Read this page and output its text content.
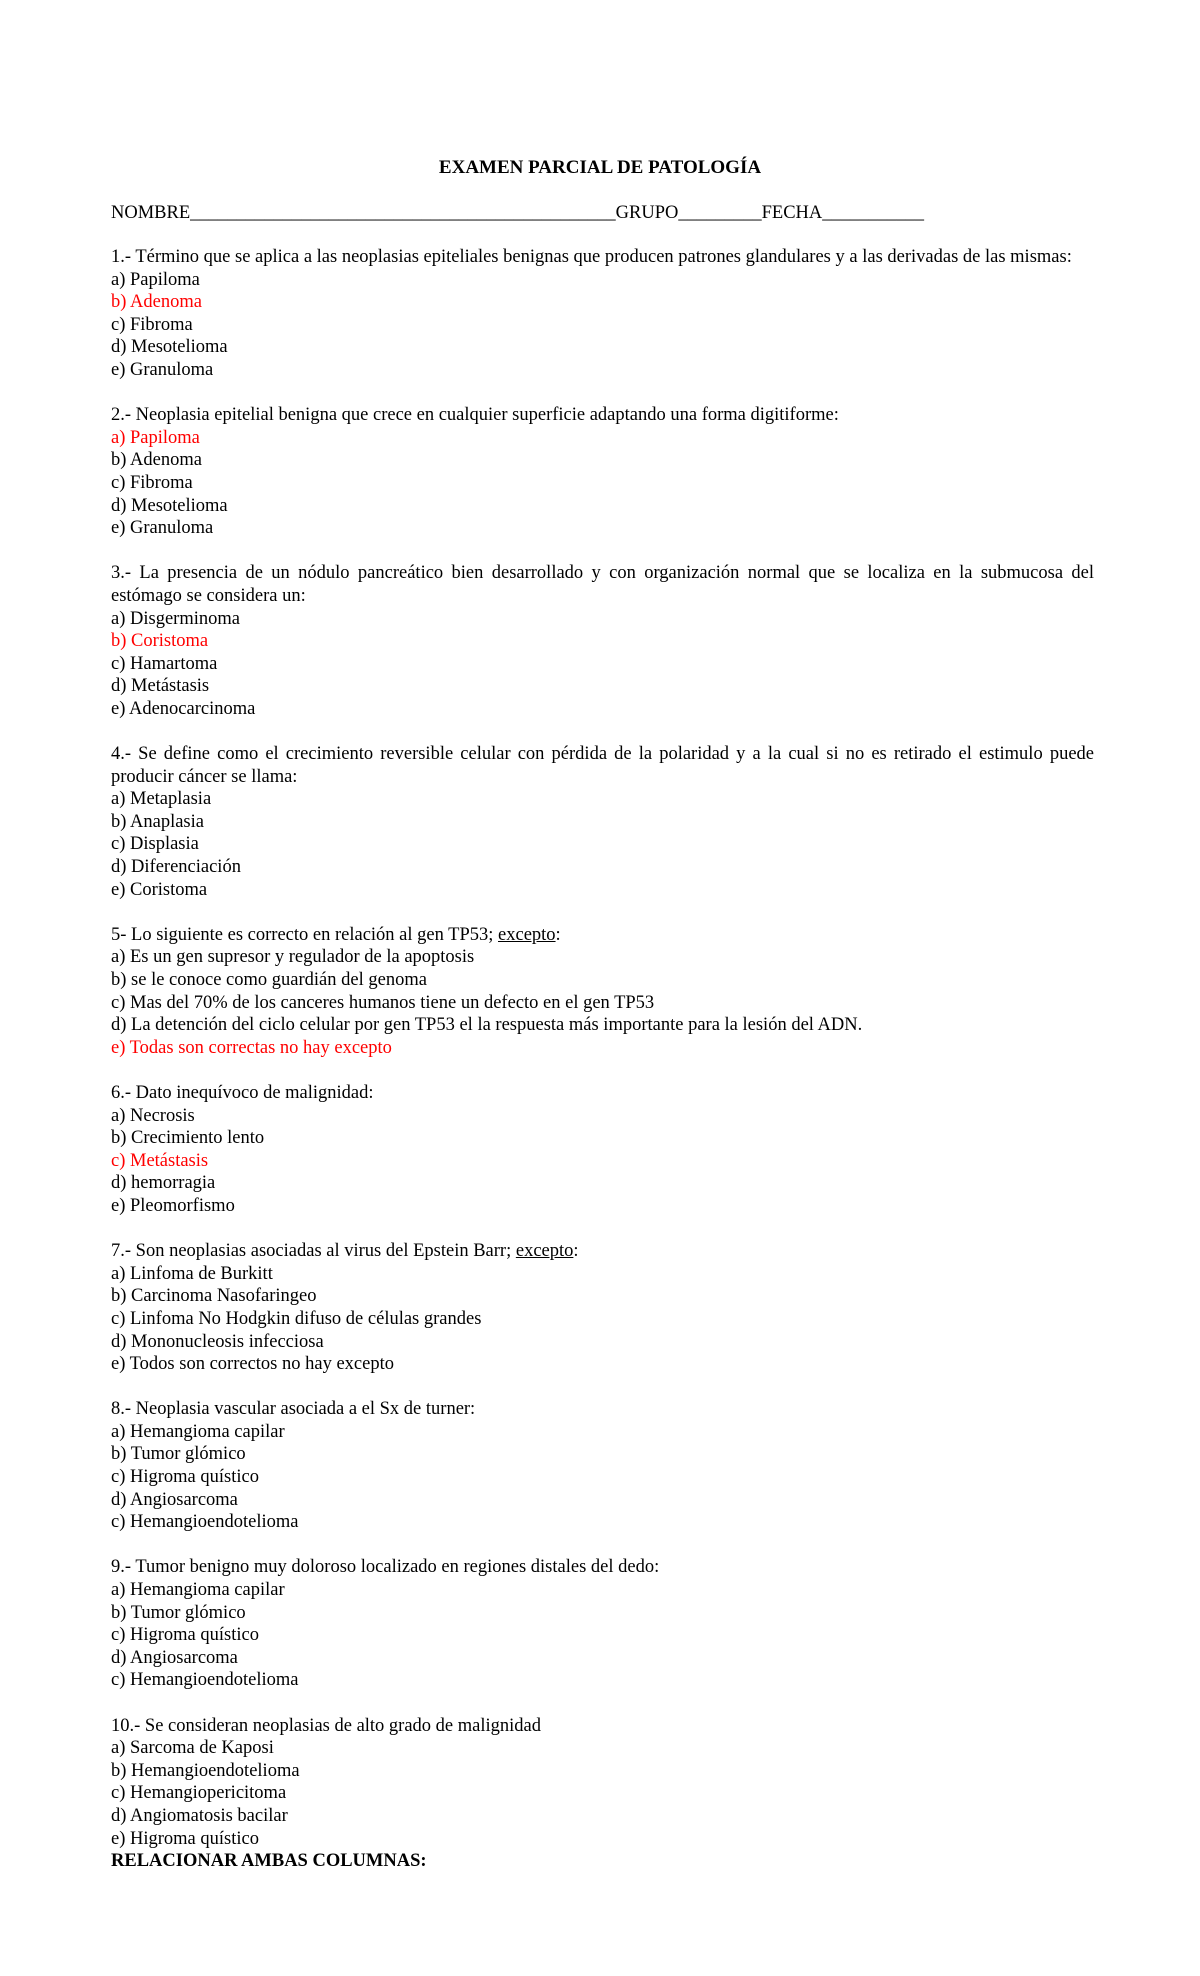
EXAMEN PARCIAL DE PATOLOGÍA
NOMBRE______________________________________________GRUPO_________FECHA___________
1.- Término que se aplica a las neoplasias epiteliales benignas que producen patrones glandulares y a las derivadas de las mismas:
a) Papiloma
b) Adenoma
c) Fibroma
d) Mesotelioma
e) Granuloma
2.- Neoplasia epitelial benigna que crece en cualquier superficie adaptando una forma digitiforme:
a) Papiloma
b) Adenoma
c) Fibroma
d) Mesotelioma
e) Granuloma
3.- La presencia de un nódulo pancreático bien desarrollado y con organización normal que se localiza en la submucosa del estómago se considera un:
a) Disgerminoma
b) Coristoma
c) Hamartoma
d) Metástasis
e) Adenocarcinoma
4.- Se define como el crecimiento reversible celular con pérdida de la polaridad y a la cual si no es retirado el estimulo puede producir cáncer se llama:
a) Metaplasia
b) Anaplasia
c) Displasia
d) Diferenciación
e) Coristoma
5- Lo siguiente es correcto en relación al gen TP53; excepto:
a) Es un gen supresor y regulador de la apoptosis
b) se le conoce como guardián del genoma
c) Mas del 70% de los canceres humanos tiene un defecto en el gen TP53
d) La detención del ciclo celular por gen TP53 el la respuesta más importante para la lesión del ADN.
e) Todas son correctas no hay excepto
6.- Dato inequívoco de malignidad:
a) Necrosis
b) Crecimiento lento
c) Metástasis
d) hemorragia
e) Pleomorfismo
7.- Son neoplasias asociadas al virus del Epstein Barr; excepto:
a) Linfoma de Burkitt
b) Carcinoma Nasofaringeo
c) Linfoma No Hodgkin difuso de células grandes
d) Mononucleosis infecciosa
e) Todos son correctos no hay excepto
8.- Neoplasia vascular asociada a el Sx de turner:
a) Hemangioma capilar
b) Tumor glómico
c) Higroma quístico
d) Angiosarcoma
c) Hemangioendotelioma
9.- Tumor benigno muy doloroso localizado en regiones distales del dedo:
a) Hemangioma capilar
b) Tumor glómico
c) Higroma quístico
d) Angiosarcoma
c) Hemangioendotelioma
10.- Se consideran neoplasias de alto grado de malignidad
a) Sarcoma de Kaposi
b) Hemangioendotelioma
c) Hemangiopericitoma
d) Angiomatosis bacilar
e) Higroma quístico
RELACIONAR AMBAS COLUMNAS:
